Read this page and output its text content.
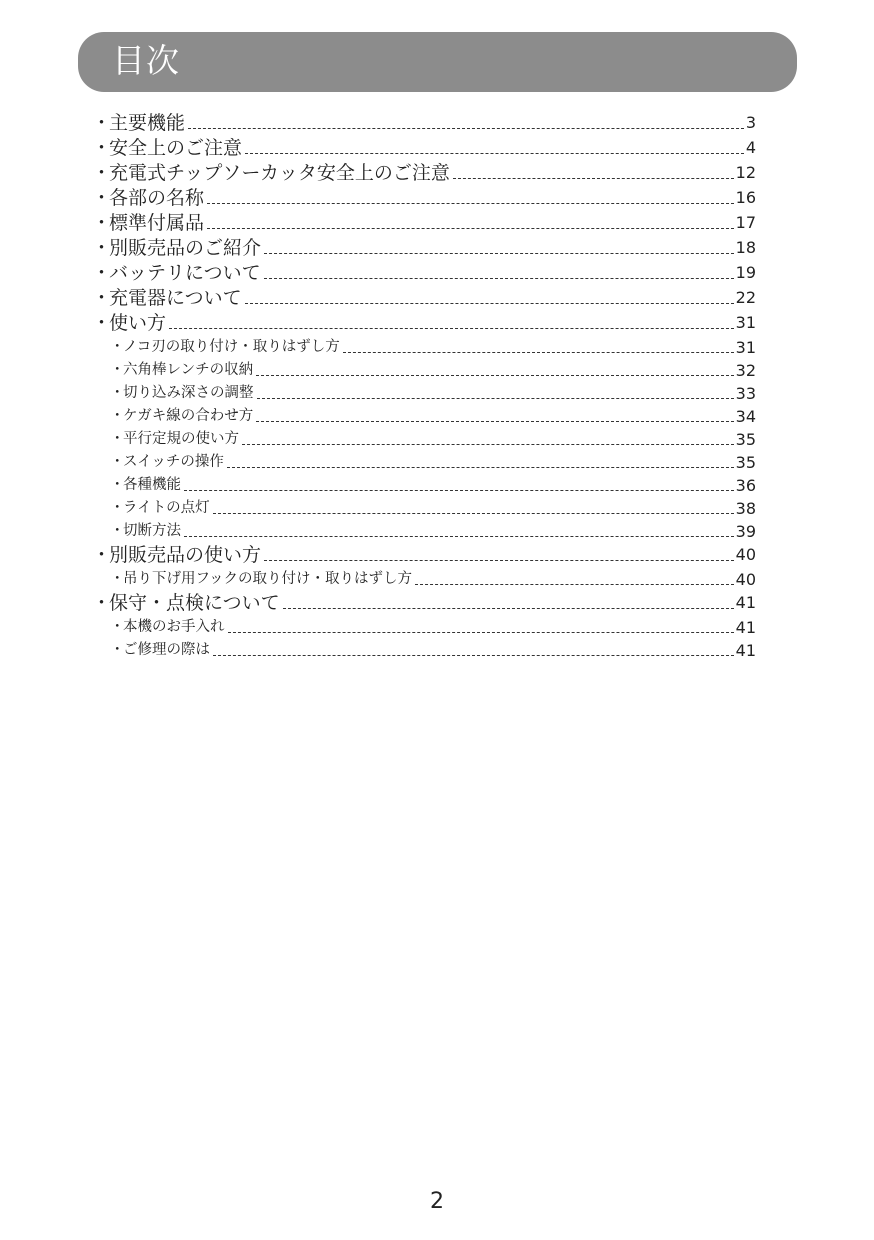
目次
・
主要機能	3
・
安全上のご注意	4
・
充電式チップソーカッタ安全上のご注意	12
・
各部の名称	16
・
標準付属品	17
・
別販売品のご紹介	18
・
バッテリについて	19
・
充電器について	22
・
使い方	31
・
ノコ刃の取り付け・取りはずし方	31
・
六角棒レンチの収納	32
・
切り込み深さの調整	33
・
ケガキ線の合わせ方	34
・
平行定規の使い方	35
・
スイッチの操作	35
・
各種機能	36
・
ライトの点灯	38
・
切断方法	39
・
別販売品の使い方	40
・
吊り下げ用フックの取り付け・取りはずし方	40
・
保守・点検について	41
・
本機のお手入れ	41
・
ご修理の際は	41
2
